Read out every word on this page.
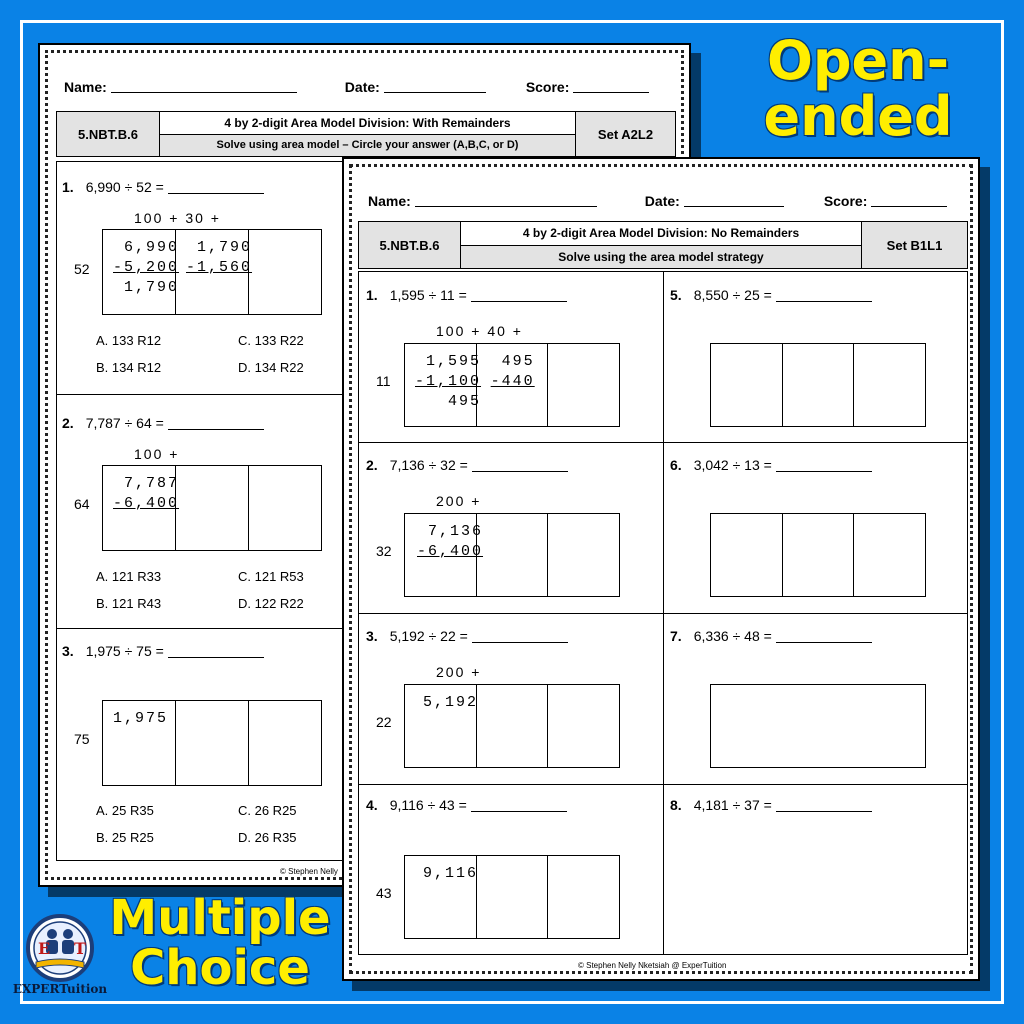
Name:	Date:	Score:
5.NBT.B.6
4 by 2-digit Area Model Division: With Remainders
Solve using area model – Circle your answer (A,B,C, or D)
Set A2L2
1. 6,990 ÷ 52 =
100 + 30 +
52
6,990
-5,200
1,790
1,790
-1,560
A. 133 R12	C. 133 R22
B. 134 R12	D. 134 R22
2. 7,787 ÷ 64 =
100 +
64
7,787
-6,400
A. 121 R33	C. 121 R53
B. 121 R43	D. 122 R22
3. 1,975 ÷ 75 =
75
1,975
A. 25 R35	C. 26 R25
B. 25 R25	D. 26 R35
© Stephen Nelly
Name:	Date:	Score:
5.NBT.B.6
4 by 2-digit Area Model Division: No Remainders
Solve using the area model strategy
Set B1L1
1. 1,595 ÷ 11 =
100 + 40 +
11
1,595
-1,100
495
495
-440
2. 7,136 ÷ 32 =
200 +
32
7,136
-6,400
3. 5,192 ÷ 22 =
200 +
22
5,192
4. 9,116 ÷ 43 =
43
9,116
5. 8,550 ÷ 25 =
6. 3,042 ÷ 13 =
7. 6,336 ÷ 48 =
8. 4,181 ÷ 37 =
© Stephen Nelly Nketsiah @ ExperTuition
Open-
ended
Multiple
Choice
E T
EXPERTuition
